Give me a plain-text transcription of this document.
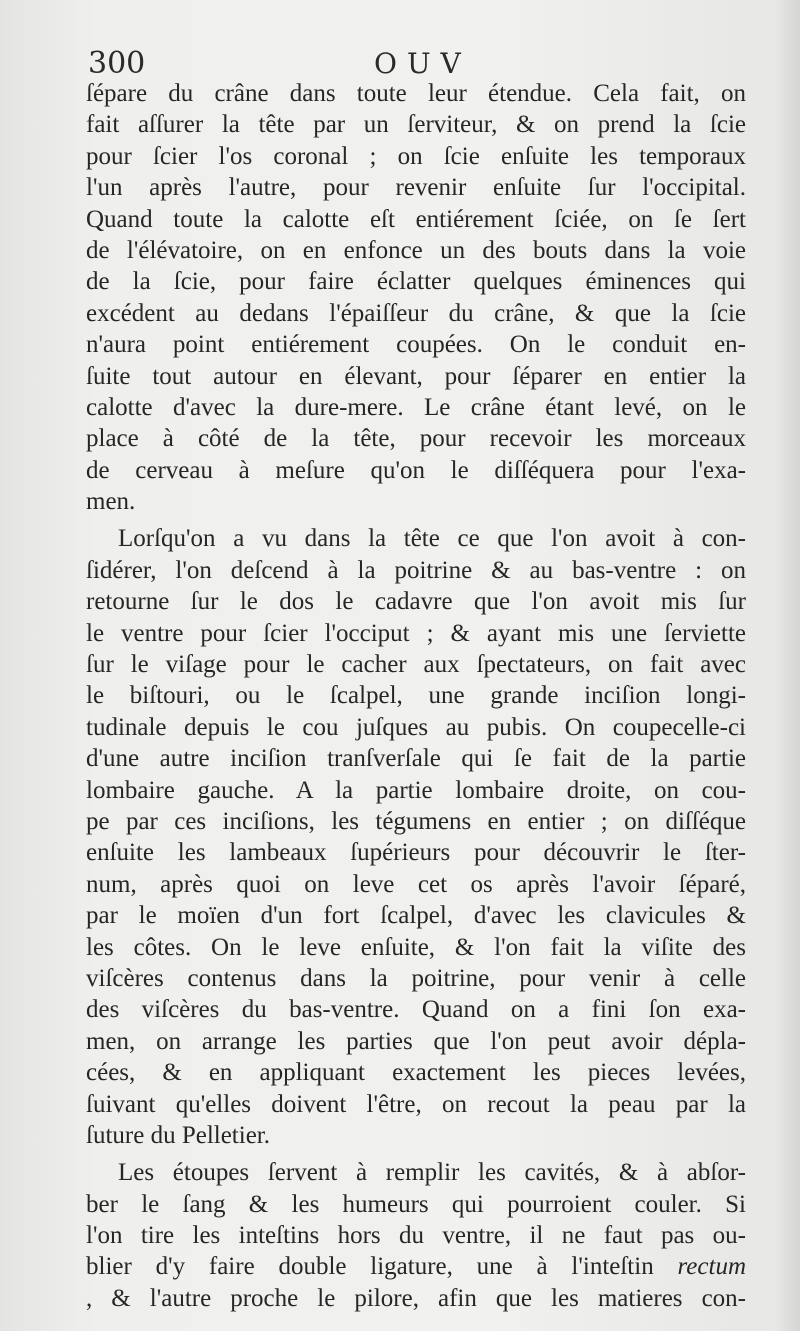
300	OUV
ſépare du crâne dans toute leur étendue. Cela fait, on
fait aſſurer la tête par un ſerviteur, & on prend la ſcie
pour ſcier l'os coronal ; on ſcie enſuite les temporaux
l'un après l'autre, pour revenir enſuite ſur l'occipital.
Quand toute la calotte eſt entiérement ſciée, on ſe ſert
de l'élévatoire, on en enfonce un des bouts dans la voie
de la ſcie, pour faire éclatter quelques éminences qui
excédent au dedans l'épaiſſeur du crâne, & que la ſcie
n'aura point entiérement coupées. On le conduit en-
ſuite tout autour en élevant, pour ſéparer en entier la
calotte d'avec la dure-mere. Le crâne étant levé, on le
place à côté de la tête, pour recevoir les morceaux
de cerveau à meſure qu'on le diſſéquera pour l'exa-
men.
Lorſqu'on a vu dans la tête ce que l'on avoit à con-
ſidérer, l'on deſcend à la poitrine & au bas-ventre : on
retourne ſur le dos le cadavre que l'on avoit mis ſur
le ventre pour ſcier l'occiput ; & ayant mis une ſerviette
ſur le viſage pour le cacher aux ſpectateurs, on fait avec
le biſtouri, ou le ſcalpel, une grande inciſion longi-
tudinale depuis le cou juſques au pubis. On coupecelle-ci
d'une autre inciſion tranſverſale qui ſe fait de la partie
lombaire gauche. A la partie lombaire droite, on cou-
pe par ces inciſions, les tégumens en entier ; on diſſéque
enſuite les lambeaux ſupérieurs pour découvrir le ſter-
num, après quoi on leve cet os après l'avoir ſéparé,
par le moïen d'un fort ſcalpel, d'avec les clavicules &
les côtes. On le leve enſuite, & l'on fait la viſite des
viſcères contenus dans la poitrine, pour venir à celle
des viſcères du bas-ventre. Quand on a fini ſon exa-
men, on arrange les parties que l'on peut avoir dépla-
cées, & en appliquant exactement les pieces levées,
ſuivant qu'elles doivent l'être, on recout la peau par la
ſuture du Pelletier.
Les étoupes ſervent à remplir les cavités, & à abſor-
ber le ſang & les humeurs qui pourroient couler. Si
l'on tire les inteſtins hors du ventre, il ne faut pas ou-
blier d'y faire double ligature, une à l'inteſtin rectum
, & l'autre proche le pilore, afin que les matieres con-
